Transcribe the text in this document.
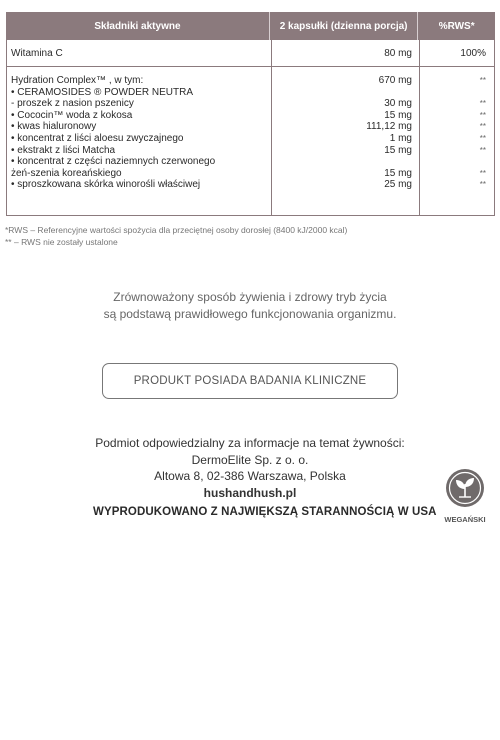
Składniki aktywne	2 kapsułki (dzienna porcja)	%RWS*
Witamina C	80 mg	100%
Hydration Complex™ , w tym:	670 mg	**
• CERAMOSIDES ® POWDER NEUTRA
- proszek z nasion pszenicy	30 mg	**
• Cococin™ woda z kokosa	15 mg	**
• kwas hialuronowy	111,12 mg	**
• koncentrat z liści aloesu zwyczajnego	1 mg	**
• ekstrakt z liści Matcha	15 mg	**
• koncentrat z części naziemnych czerwonego
żeń-szenia koreańskiego	15 mg	**
• sproszkowana skórka winorośli właściwej	25 mg	**
*RWS – Referencyjne wartości spożycia dla przeciętnej osoby dorosłej (8400 kJ/2000 kcal)
** – RWS nie zostały ustalone
Zrównoważony sposób żywienia i zdrowy tryb życia
są podstawą prawidłowego funkcjonowania organizmu.
PRODUKT POSIADA BADANIA KLINICZNE
Podmiot odpowiedzialny za informacje na temat żywności:
DermoElite Sp. z o. o.
Altowa 8, 02-386 Warszawa, Polska
hushandhush.pl
WYPRODUKOWANO Z NAJWIĘKSZĄ STARANNOŚCIĄ W USA
WEGAŃSKI
